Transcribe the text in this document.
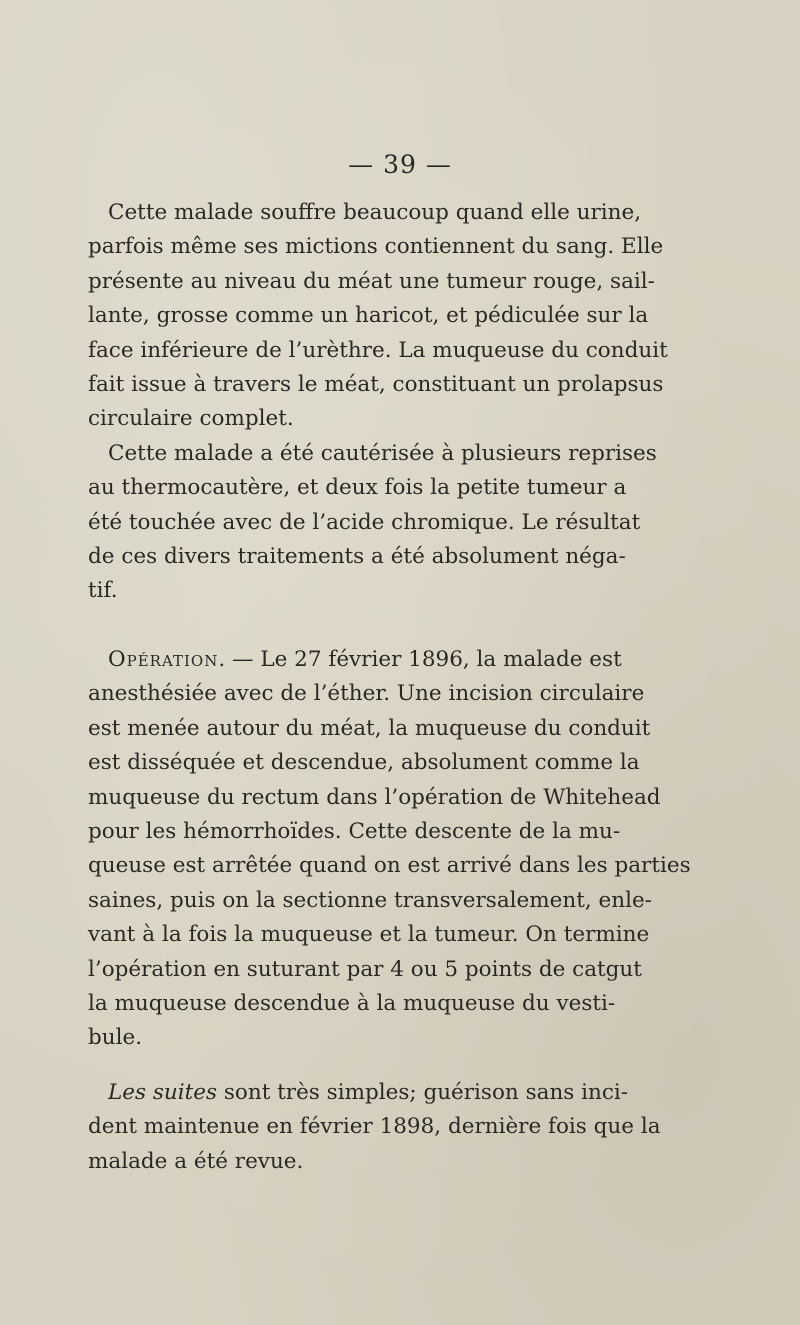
— 39 —
Cette malade souffre beaucoup quand elle urine,
parfois même ses mictions contiennent du sang. Elle
présente au niveau du méat une tumeur rouge, sail-
lante, grosse comme un haricot, et pédiculée sur la
face inférieure de l’urèthre. La muqueuse du conduit
fait issue à travers le méat, constituant un prolapsus
circulaire complet.
Cette malade a été cautérisée à plusieurs reprises
au thermocautère, et deux fois la petite tumeur a
été touchée avec de l’acide chromique. Le résultat
de ces divers traitements a été absolument néga-
tif.
Opération . — Le 27 février 1896, la malade est
anesthésiée avec de l’éther. Une incision circulaire
est menée autour du méat, la muqueuse du conduit
est disséquée et descendue, absolument comme la
muqueuse du rectum dans l’opération de Whitehead
pour les hémorrhoïdes. Cette descente de la mu-
queuse est arrêtée quand on est arrivé dans les parties
saines, puis on la sectionne transversalement, enle-
vant à la fois la muqueuse et la tumeur. On termine
l’opération en suturant par 4 ou 5 points de catgut
la muqueuse descendue à la muqueuse du vesti-
bule.
Les suites sont très simples; guérison sans inci-
dent maintenue en février 1898, dernière fois que la
malade a été revue.
